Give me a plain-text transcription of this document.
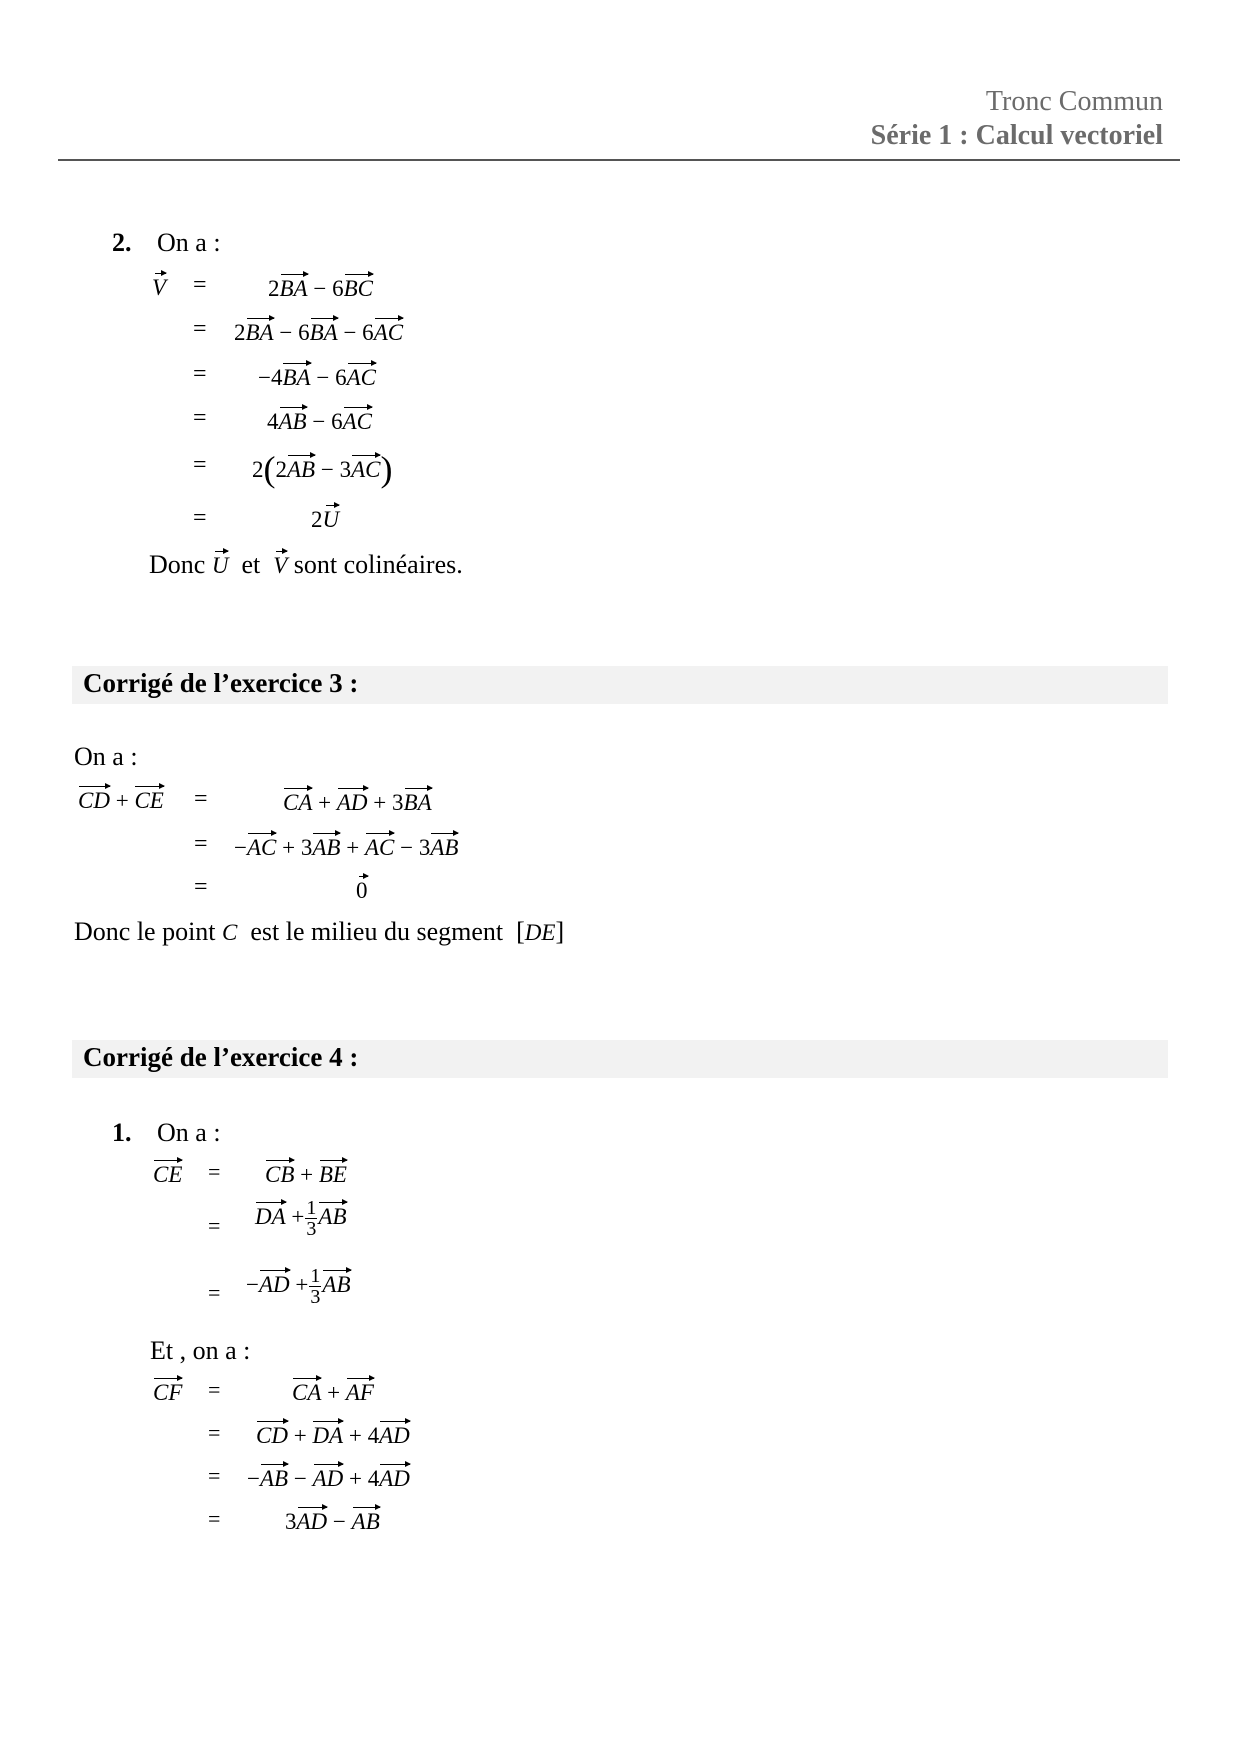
Tronc Commun
Série 1 : Calcul vectoriel
2. On a :
V =	2BA − 6BC
= 2BA − 6BA − 6AC
= −4BA − 6AC
=	4AB − 6AC
= 2(2AB − 3AC)
=	2U
Donc U et V sont colinéaires.
Corrigé de l’exercice 3 :
On a :
CD + CE =	CA + AD + 3BA
= −AC + 3AB + AC − 3AB
=	0
Donc le point C est le milieu du segment [DE]
Corrigé de l’exercice 4 :
1. On a :
CE = CB + BE
= DA + $\frac{1}{3}$ AB
= $-AD + \frac{1}{3}$ AB
Et , on a :
CF =	CA + AF
= CD + DA + 4AD
= −AB − AD + 4AD
=	3AD − AB
